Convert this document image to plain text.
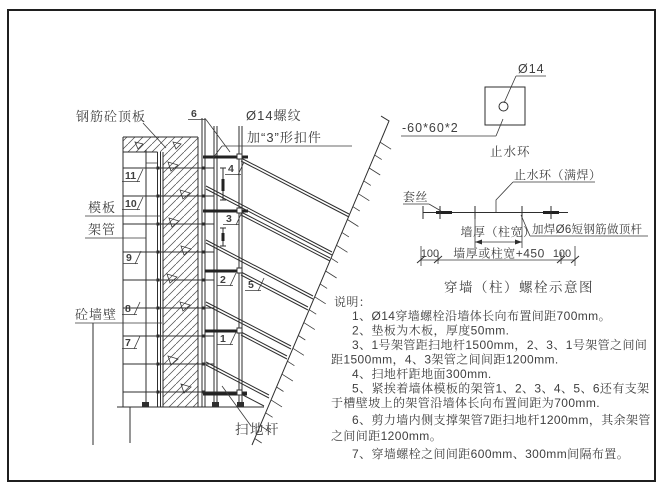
钢筋砼顶板
模板
架管
砼墙壁
扫地杆
Ø14螺纹
加“3”形扣件
11
10
9
8
7
6
4
3
2 5
1
Ø14
-60*60*2
止水环
套丝
止水环（满焊）
加焊Ø6短钢筋做顶杆
墙厚（柱宽）
100 墙厚或柱宽+450 100
穿墙（柱）螺栓示意图
说明：
1、Ø14穿墙螺栓沿墙体长向布置间距700mm。
2、垫板为木板，厚度50mm.
3、1号架管距扫地杆1500mm，2、3、1号架管之间间
距1500mm，4、3架管之间间距1200mm.
4、扫地杆距地面300mm.
5、紧挨着墙体模板的架管1、2、3、4、5、6还有支架
于槽壁坡上的架管沿墙体长向布置间距为700mm.
6、剪力墙内侧支撑架管7距扫地杆1200mm，其余架管
之间间距1200mm。
7、穿墙螺栓之间间距600mm、300mm间隔布置。
